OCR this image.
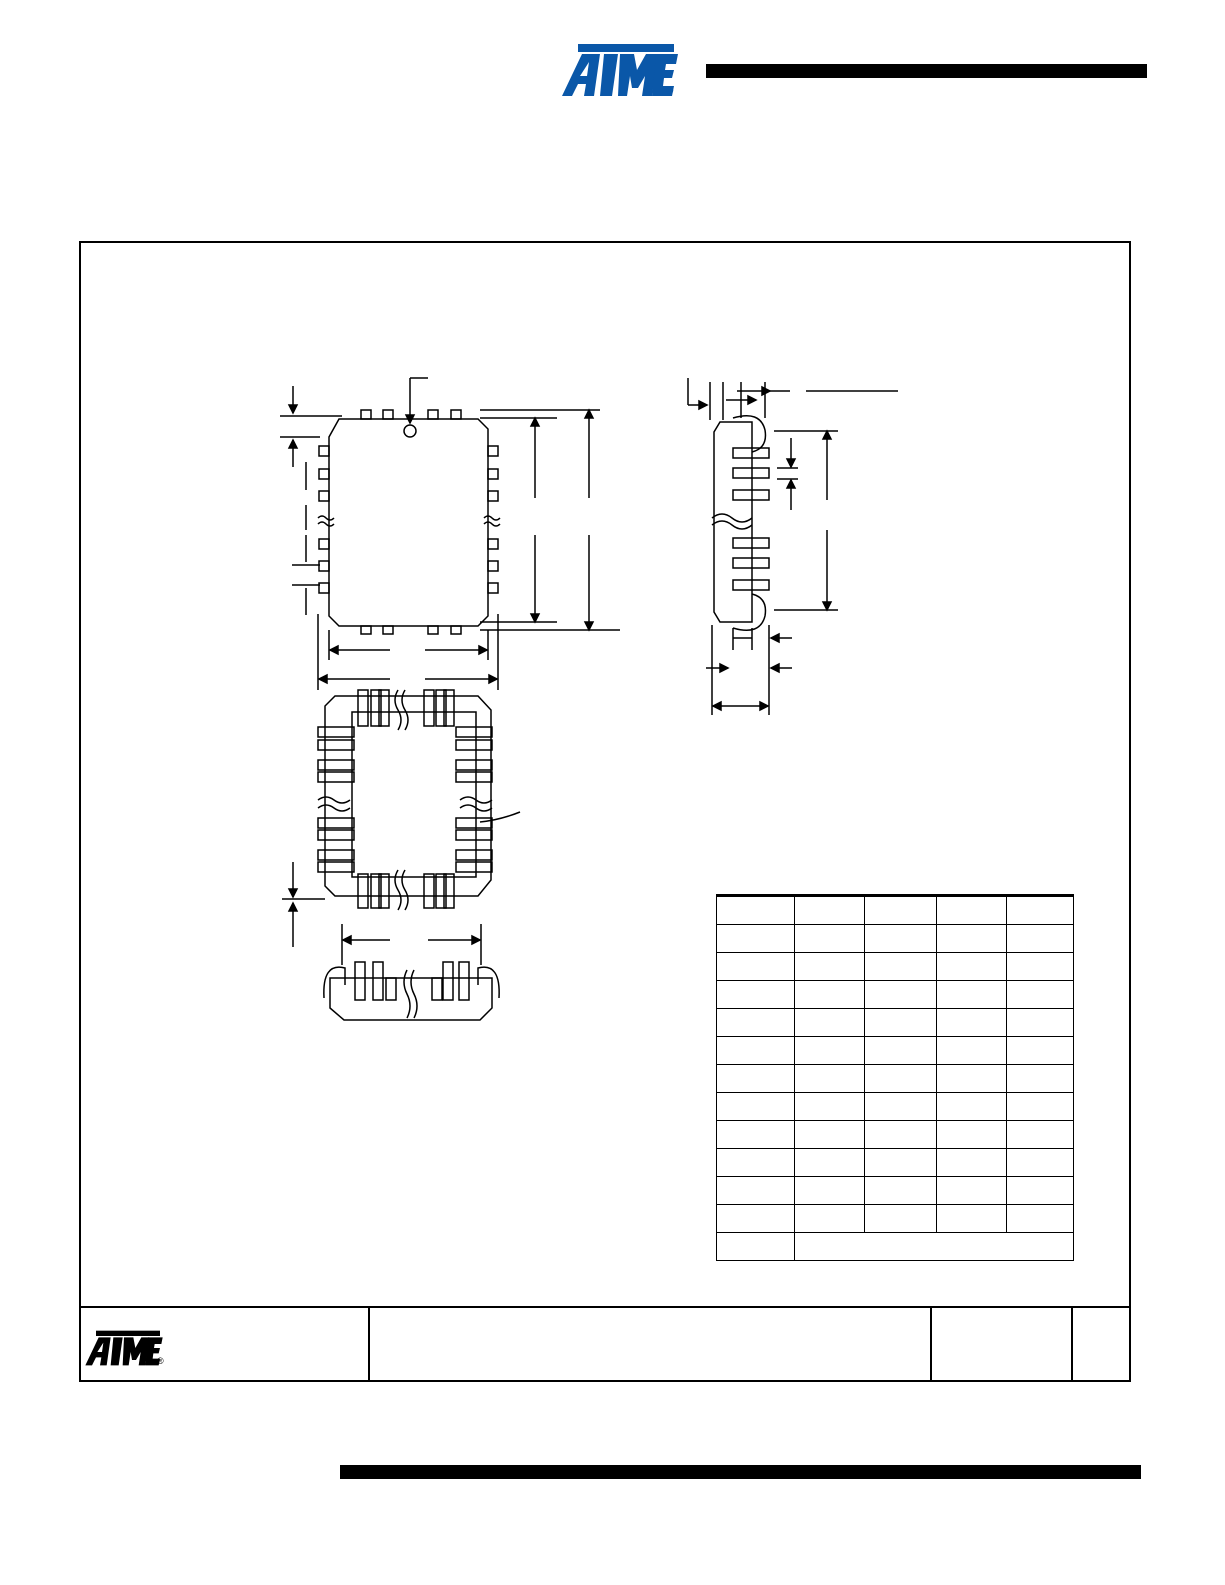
®

®
